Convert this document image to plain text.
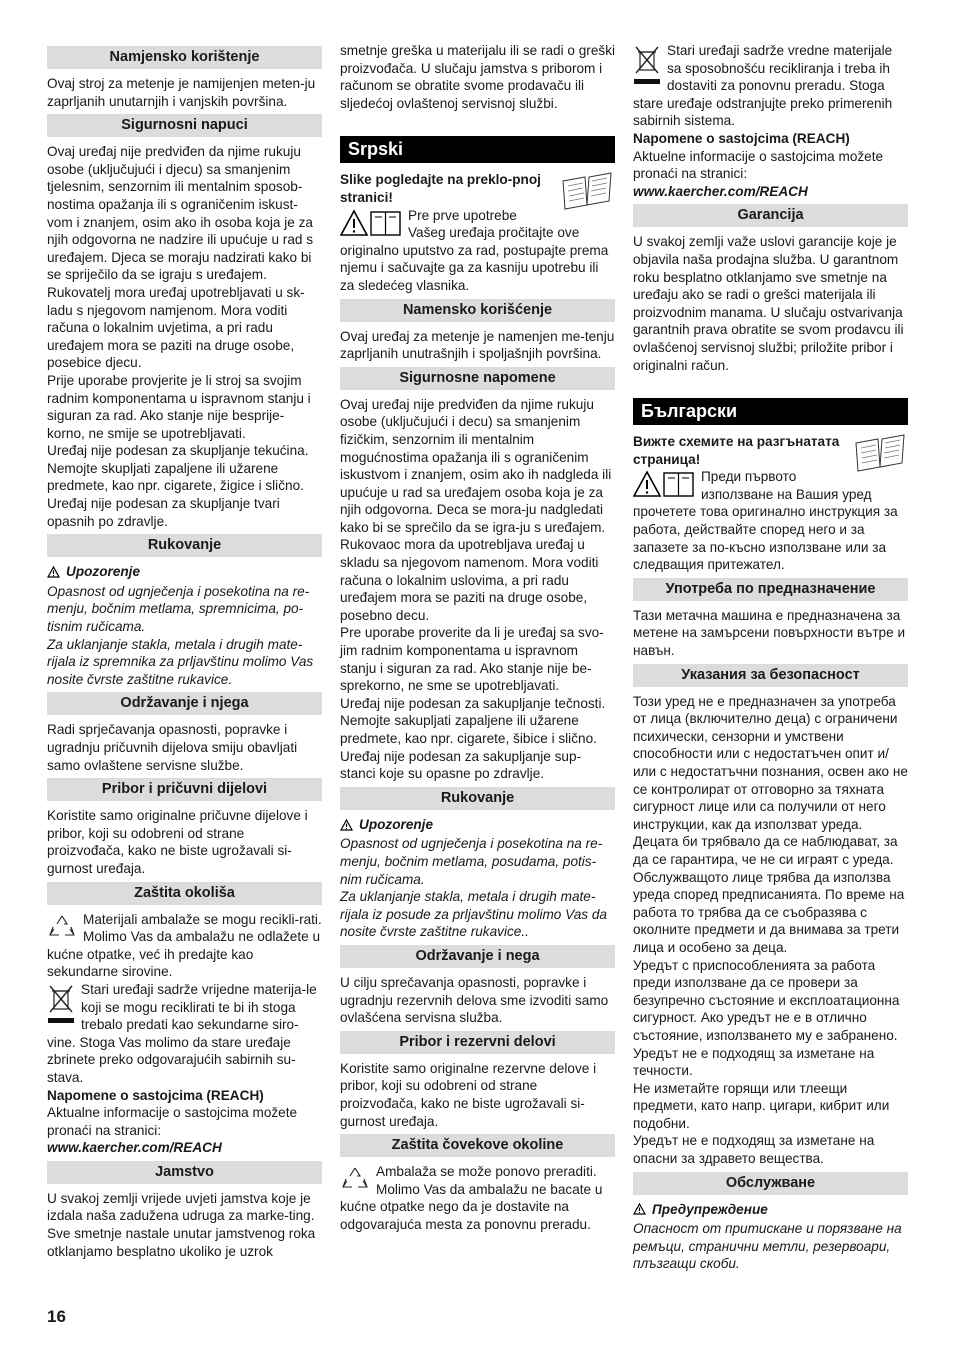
Namjensko korištenje

Ovaj stroj za metenje je namijenjen meten-ju zaprljanih unutarnjih i vanjskih površina.

Sigurnosni napuci

Ovaj uređaj nije predviđen da njime rukuju osobe (uključujući i djecu) sa smanjenim tjelesnim, senzornim ili mentalnim sposob-nostima opažanja ili s ograničenim iskust-vom i znanjem, osim ako ih osoba koja je za njih odgovorna ne nadzire ili upućuje u rad s uređajem. Djeca se moraju nadzirati kako bi se spriječilo da se igraju s uređajem.

Rukovatelj mora uređaj upotrebljavati u sk-ladu s njegovom namjenom. Mora voditi računa o lokalnim uvjetima, a pri radu uređajem mora se paziti na druge osobe, posebice djecu.

Prije uporabe provjerite je li stroj sa svojim radnim komponentama u ispravnom stanju i siguran za rad. Ako stanje nije besprije-korno, ne smije se upotrebljavati.

Uređaj nije podesan za skupljanje tekućina.

Nemojte skupljati zapaljene ili užarene predmete, kao npr. cigarete, žigice i slično.

Uređaj nije podesan za skupljanje tvari opasnih po zdravlje.

Rukovanje
Upozorenje

Opasnost od ugnječenja i posekotina na re-menju, bočnim metlama, spremnicima, po-tisnim ručicama.

Za uklanjanje stakla, metala i drugih mate-rijala iz spremnika za prljavštinu molimo Vas nosite čvrste zaštitne rukavice.

Održavanje i njega

Radi sprječavanja opasnosti, popravke i ugradnju pričuvnih dijelova smiju obavljati samo ovlaštene servisne službe.

Pribor i pričuvni dijelovi

Koristite samo originalne pričuvne dijelove i pribor, koji su odobreni od strane proizvođača, kako ne biste ugrožavali si-gurnost uređaja.

Zaštita okoliša

Materijali ambalaže se mogu recikli-rati. Molimo Vas da ambalažu ne odlažete u kućne otpatke, već ih predajte kao sekundarne sirovine.

Stari uređaji sadrže vrijedne materija-le koji se mogu reciklirati te bi ih stoga trebalo predati kao sekundarne sirо-vine. Stoga Vas molimo da stare uređaje zbrinete preko odgovarajućih sabirnih su-stava.

Napomene o sastojcima (REACH)

Aktualne informacije o sastojcima možete pronaći na stranici:

www.kaercher.com/REACH

Jamstvo

U svakoj zemlji vrijede uvjeti jamstva koje je izdala naša zadužena udruga za marke-ting. Sve smetnje nastale unutar jamstvenog roka otklanjamo besplatno ukoliko je uzrok

smetnje greška u materijalu ili se radi o greški proizvođača. U slučaju jamstva s priborom i računom se obratite svome prodavaču ili sljedećoj ovlaštenoj servisnoj službi.

Srpski

Slike pogledajte na preklo-pnoj stranici!

Pre prve upotrebe Vašeg uređaja pročitajte ove originalno uputstvo za rad, postupajte prema njemu i sačuvajte ga za kasniju upotrebu ili za sledećeg vlasnika.

Namensko korišćenje

Ovaj uređaj za metenje je namenjen me-tenju zaprljanih unutrašnjih i spoljašnjih površina.

Sigurnosne napomene

Ovaj uređaj nije predviđen da njime rukuju osobe (uključujući i decu) sa smanjenim fizičkim, senzornim ili mentalnim mogućnostima opažanja ili s ograničenim iskustvom i znanjem, osim ako ih nadgleda ili upućuje u rad sa uređajem osoba koja je za njih odgovorna. Deca se mora-ju nadgledati kako bi se sprečilo da se igra-ju s uređajem.

Rukovaoc mora da upotrebljava uređaj u skladu sa njegovom namenom. Mora voditi računa o lokalnim uslovima, a pri radu uređajem mora se paziti na druge osobe, posebno decu.

Pre uporabe proverite da li je uređaj sa svo-jim radnim komponentama u ispravnom stanju i siguran za rad. Ako stanje nije be-sprekorno, ne sme se upotrebljavati.

Uređaj nije podesan za sakupljanje tečnosti.

Nemojte sakupljati zapaljene ili užarene predmete, kao npr. cigarete, šibice i slično.

Uređaj nije podesan za sakupljanje sup-stanci koje su opasne po zdravlje.

Rukovanje
Upozorenje

Opasnost od ugnječenja i posekotina na re-menju, bočnim metlama, posudama, potis-nim ručicama.

Za uklanjanje stakla, metala i drugih mate-rijala iz posude za prljavštinu molimo Vas da nosite čvrste zaštitne rukavice..

Održavanje i nega

U cilju sprečavanja opasnosti, popravke i ugradnju rezervnih delova sme izvoditi samo ovlašćena servisna služba.

Pribor i rezervni delovi

Koristite samo originalne rezervne delove i pribor, koji su odobreni od strane proizvođača, kako ne biste ugrožavali si-gurnost uređaja.

Zaštita čovekove okoline

Ambalaža se može ponovo preraditi. Molimo Vas da ambalažu ne bacate u kućne otpatke nego da je dostavite na odgovarajuća mesta za ponovnu preradu.

Stari uređaji sadrže vredne materijale sa sposobnošću recikliranja i treba ih dostaviti za ponovnu preradu. Stoga stare uređaje odstranjujte preko primerenih sabirnih sistema.

Napomene o sastojcima (REACH)

Aktuelne informacije o sastojcima možete pronaći na stranici:

www.kaercher.com/REACH

Garancija

U svakoj zemlji važe uslovi garancije koje je objavila naša prodajna služba. U garantnom roku besplatno otklanjamo sve smetnje na uređaju ako se radi o grešci materijala ili proizvodnim manama. U slučaju ostvarivanja garantnih prava obratite se svom prodavcu ili ovlašćenoj servisnoj službi; priložite pribor i originalni račun.

Български

Вижте схемите на разгънатата страница!

Преди първото използване на Вашия уред прочетете това оригинално инструкция за работа, действайте според него и за запазете за по-късно използване или за следващия притежател.

Употреба по предназначение

Тази метачна машина е предназначена за метене на замърсени повърхности вътре и навън.

Указания за безопасност

Този уред не е предназначен за употреба от лица (включително деца) с ограничени психически, сензорни и умствени способности или с недостатъчен опит и/или с недостатъчни познания, освен ако не се контролират от отговорно за тяхната сигурност лице или са получили от него инструкции, как да използват уреда.

Децата би трябвало да се наблюдават, за да се гарантира, че не си играят с уреда.

Обслужващото лице трябва да използва уреда според предписанията. По време на работа то трябва да се съобразява с околните предмети и да внимава за трети лица и особено за деца.

Уредът с приспособленията за работа преди използване да се провери за безупречно състояние и експлоатационна сигурност. Ако уредът не е в отлично състояние, използването му е забранено.

Уредът не е подходящ за изметане на течности.

Не изметайте горящи или тлеещи предмети, като напр. цигари, кибрит или подобни.

Уредът не е подходящ за изметане на опасни за здравето вещества.

Обслужване
Предупреждение

Опасност от притискане и порязване на ремъци, странични метли, резервоари, плъзгащи скоби.

16
